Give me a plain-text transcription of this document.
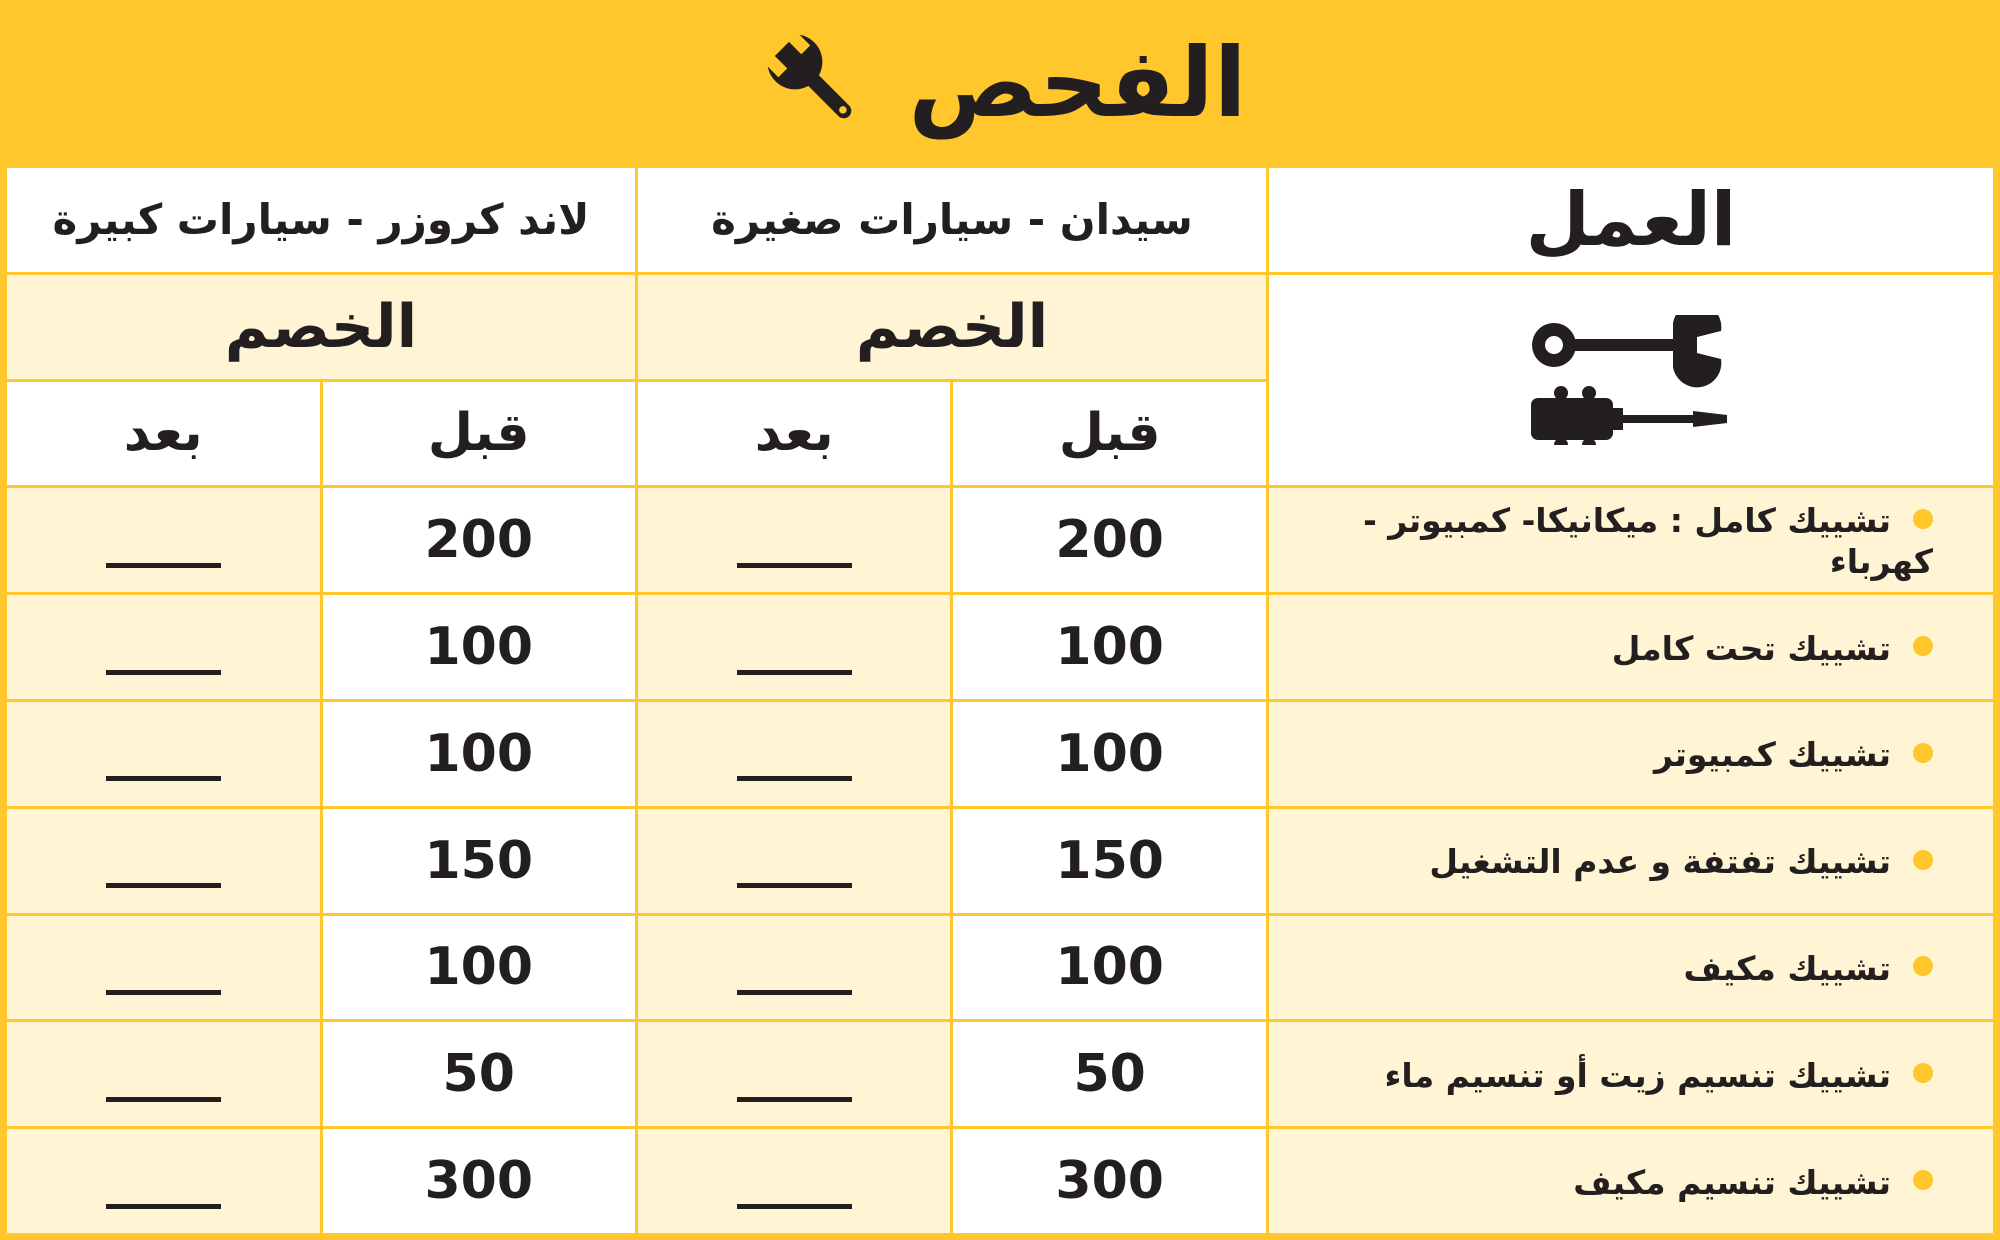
الفحص
العمل	سيدان - سيارات صغيرة		لاند كروزر - سيارات كبيرة	

	الخصم		الخصم	
	قبل	بعد	قبل	بعد
تشييك كامل : ميكانيكا- كمبيوتر - كهرباء	200		200	
تشييك تحت كامل	100		100	
تشييك كمبيوتر	100		100	
تشييك تفتفة و عدم التشغيل	150		150	
تشييك مكيف	100		100	
تشييك تنسيم زيت أو تنسيم ماء	50		50	
تشييك تنسيم مكيف	300		300	
